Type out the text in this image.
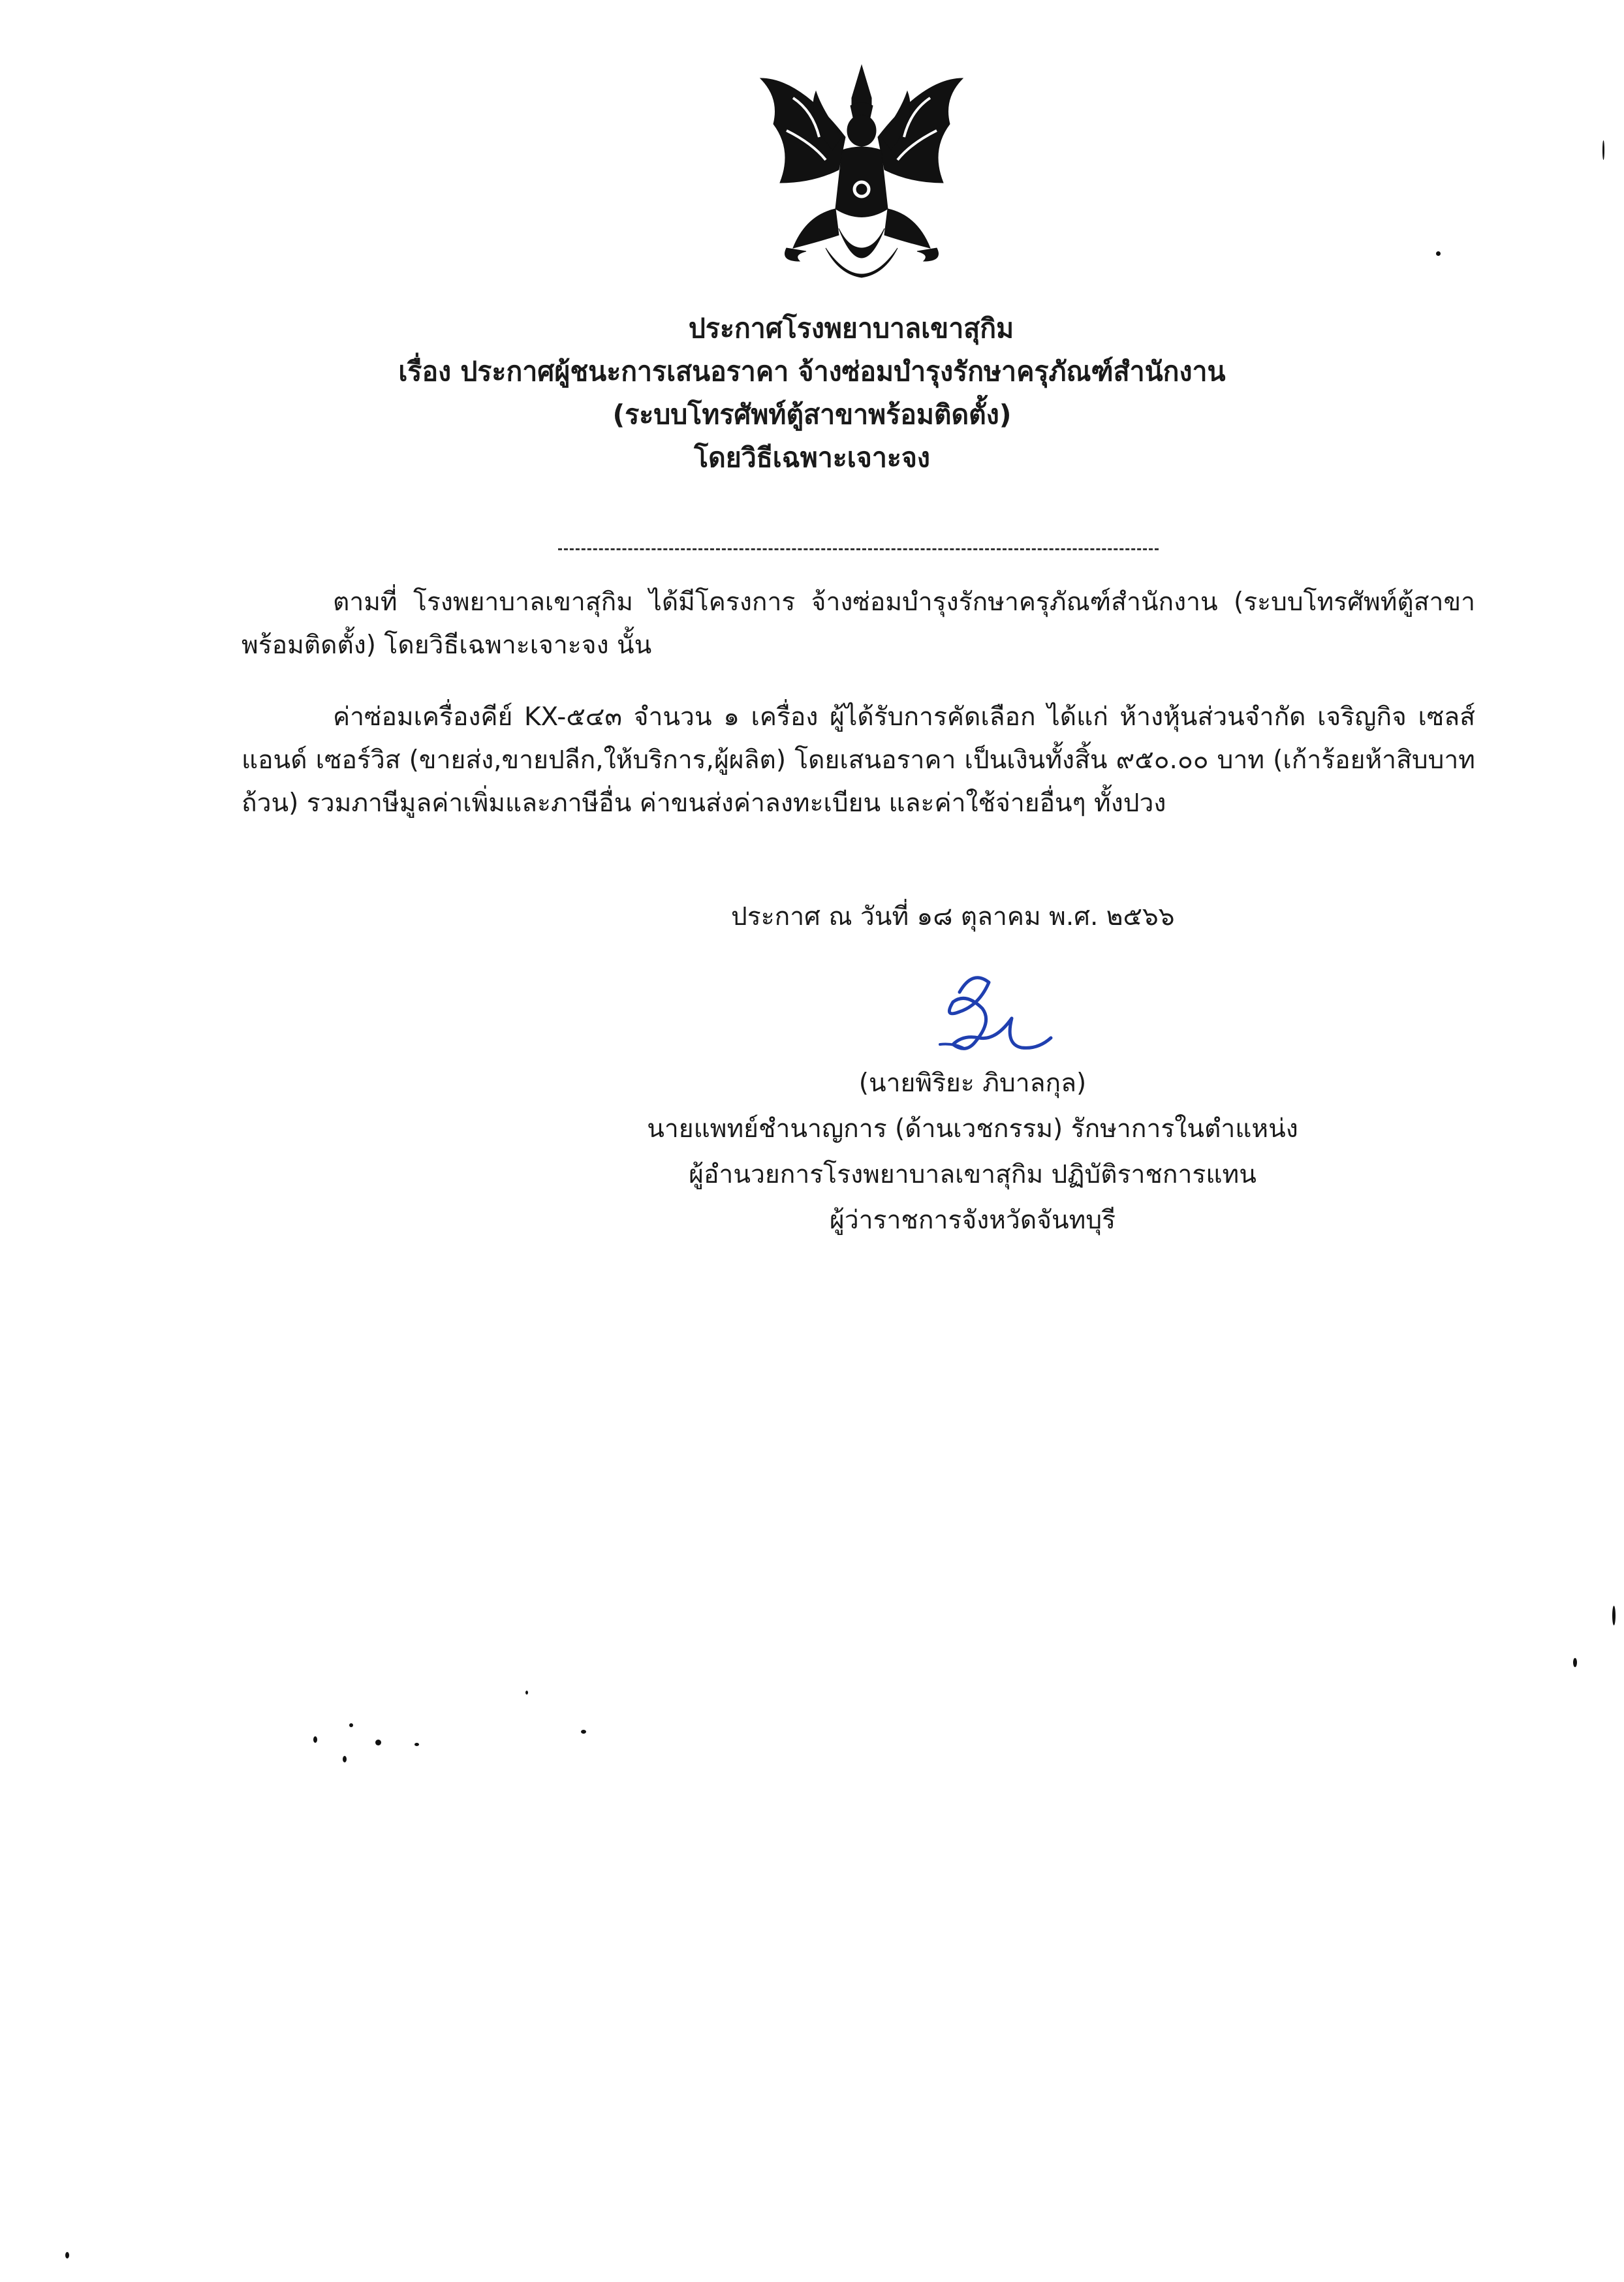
ประกาศโรงพยาบาลเขาสุกิม
เรื่อง ประกาศผู้ชนะการเสนอราคา จ้างซ่อมบำรุงรักษาครุภัณฑ์สำนักงาน
(ระบบโทรศัพท์ตู้สาขาพร้อมติดตั้ง)
โดยวิธีเฉพาะเจาะจง
ตามที่ โรงพยาบาลเขาสุกิม ได้มีโครงการ จ้างซ่อมบำรุงรักษาครุภัณฑ์สำนักงาน (ระบบโทรศัพท์ตู้สาขาพร้อมติดตั้ง) โดยวิธีเฉพาะเจาะจง นั้น
ค่าซ่อมเครื่องคีย์ KX-๕๔๓ จำนวน ๑ เครื่อง ผู้ได้รับการคัดเลือก ได้แก่ ห้างหุ้นส่วนจำกัด เจริญกิจ เซลส์ แอนด์ เซอร์วิส (ขายส่ง,ขายปลีก,ให้บริการ,ผู้ผลิต) โดยเสนอราคา เป็นเงินทั้งสิ้น ๙๕๐.๐๐ บาท (เก้าร้อยห้าสิบบาทถ้วน) รวมภาษีมูลค่าเพิ่มและภาษีอื่น ค่าขนส่งค่าลงทะเบียน และค่าใช้จ่ายอื่นๆ ทั้งปวง
ประกาศ ณ วันที่ ๑๘ ตุลาคม พ.ศ. ๒๕๖๖
(นายพิริยะ ภิบาลกุล)
นายแพทย์ชำนาญการ (ด้านเวชกรรม) รักษาการในตำแหน่ง
ผู้อำนวยการโรงพยาบาลเขาสุกิม ปฏิบัติราชการแทน
ผู้ว่าราชการจังหวัดจันทบุรี
